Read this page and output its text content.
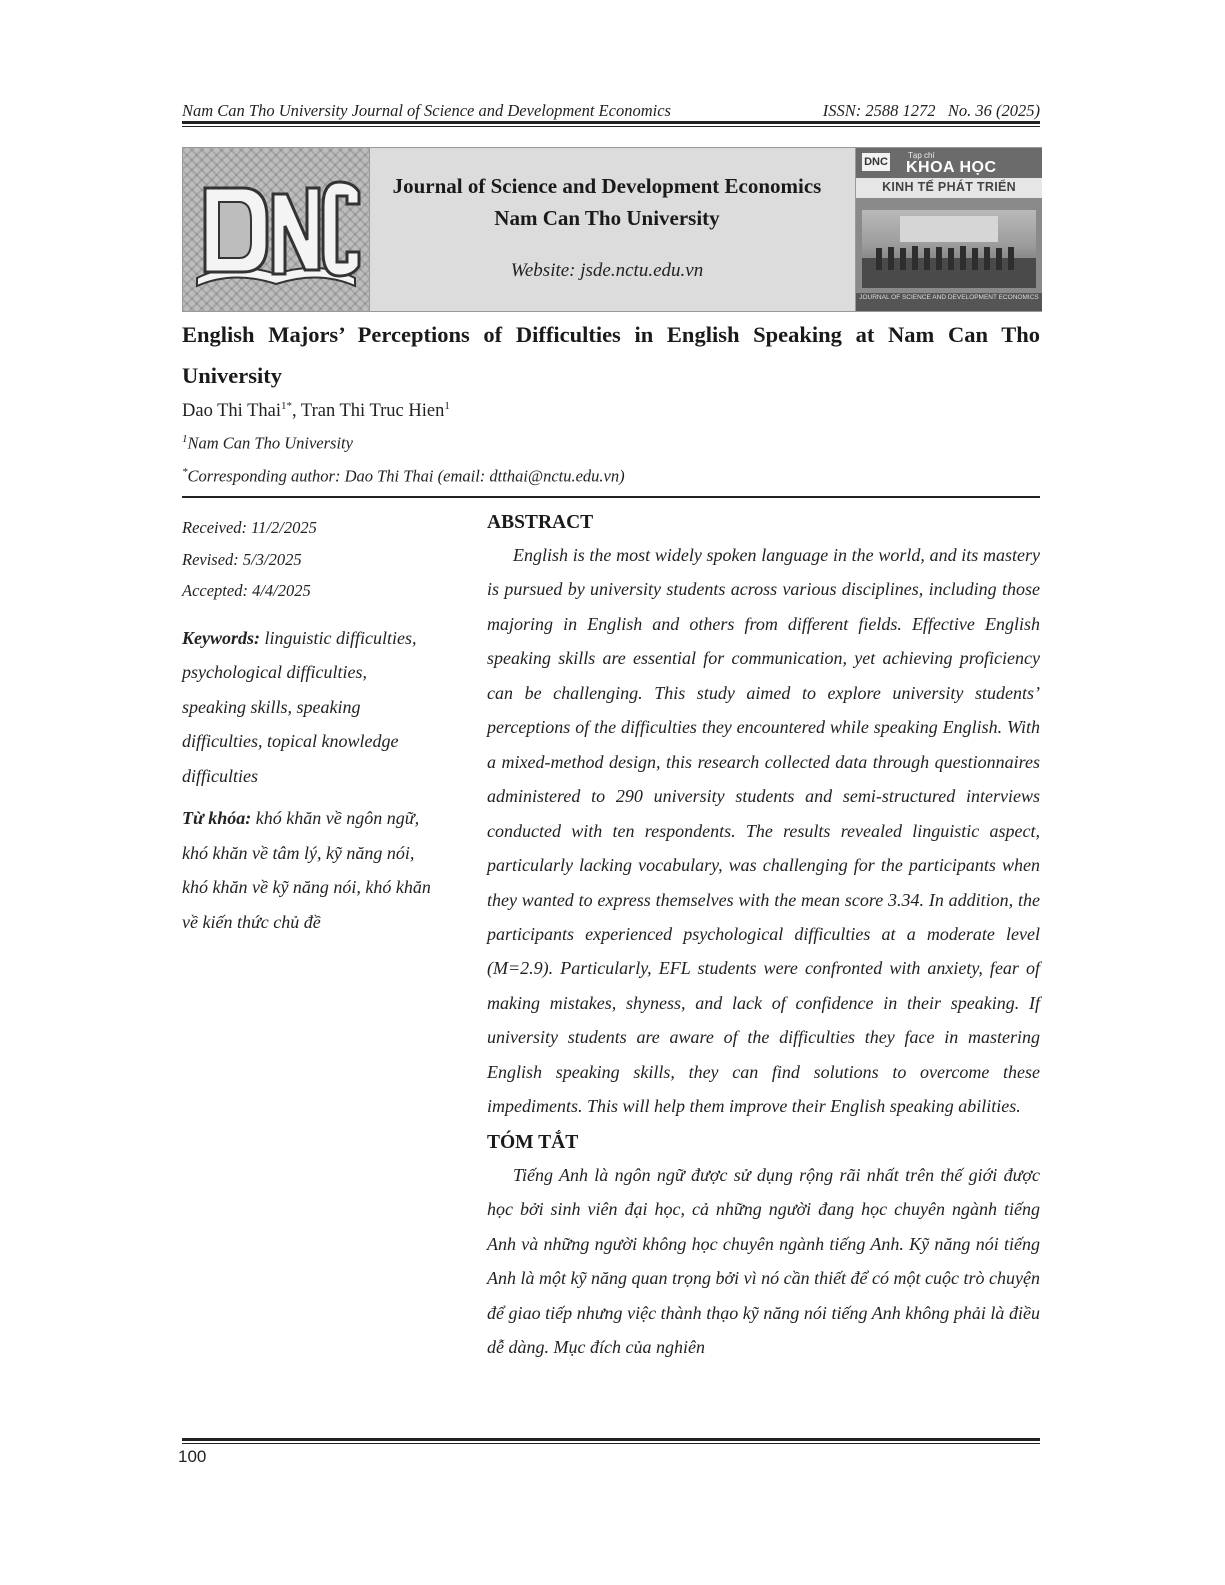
Nam Can Tho University Journal of Science and Development Economics	ISSN: 2588 1272   No. 36 (2025)
Journal of Science and Development Economics
Nam Can Tho University
Website: jsde.nctu.edu.vn
DNC
Tạp chí
KHOA HỌC
KINH TẾ PHÁT TRIỂN
JOURNAL OF SCIENCE AND DEVELOPMENT ECONOMICS
English Majors’ Perceptions of Difficulties in English Speaking at Nam Can Tho University
Dao Thi Thai$^{1*}$, Tran Thi Truc Hien$^1$
$^1$Nam Can Tho University
*Corresponding author: Dao Thi Thai (email: dtthai@nctu.edu.vn)
Received: 11/2/2025
Revised: 5/3/2025
Accepted: 4/4/2025
Keywords: linguistic difficulties, psychological difficulties, speaking skills, speaking difficulties, topical knowledge difficulties
Từ khóa: khó khăn về ngôn ngữ, khó khăn về tâm lý, kỹ năng nói, khó khăn về kỹ năng nói, khó khăn về kiến thức chủ đề
ABSTRACT

English is the most widely spoken language in the world, and its mastery is pursued by university students across various disciplines, including those majoring in English and others from different fields. Effective English speaking skills are essential for communication, yet achieving proficiency can be challenging. This study aimed to explore university students’ perceptions of the difficulties they encountered while speaking English. With a mixed-method design, this research collected data through questionnaires administered to 290 university students and semi-structured interviews conducted with ten respondents. The results revealed linguistic aspect, particularly lacking vocabulary, was challenging for the participants when they wanted to express themselves with the mean score 3.34. In addition, the participants experienced psychological difficulties at a moderate level (M=2.9). Particularly, EFL students were confronted with anxiety, fear of making mistakes, shyness, and lack of confidence in their speaking. If university students are aware of the difficulties they face in mastering English speaking skills, they can find solutions to overcome these impediments. This will help them improve their English speaking abilities.

TÓM TẮT

Tiếng Anh là ngôn ngữ được sử dụng rộng rãi nhất trên thế giới được học bởi sinh viên đại học, cả những người đang học chuyên ngành tiếng Anh và những người không học chuyên ngành tiếng Anh. Kỹ năng nói tiếng Anh là một kỹ năng quan trọng bởi vì nó cần thiết để có một cuộc trò chuyện để giao tiếp nhưng việc thành thạo kỹ năng nói tiếng Anh không phải là điều dễ dàng. Mục đích của nghiên

100
